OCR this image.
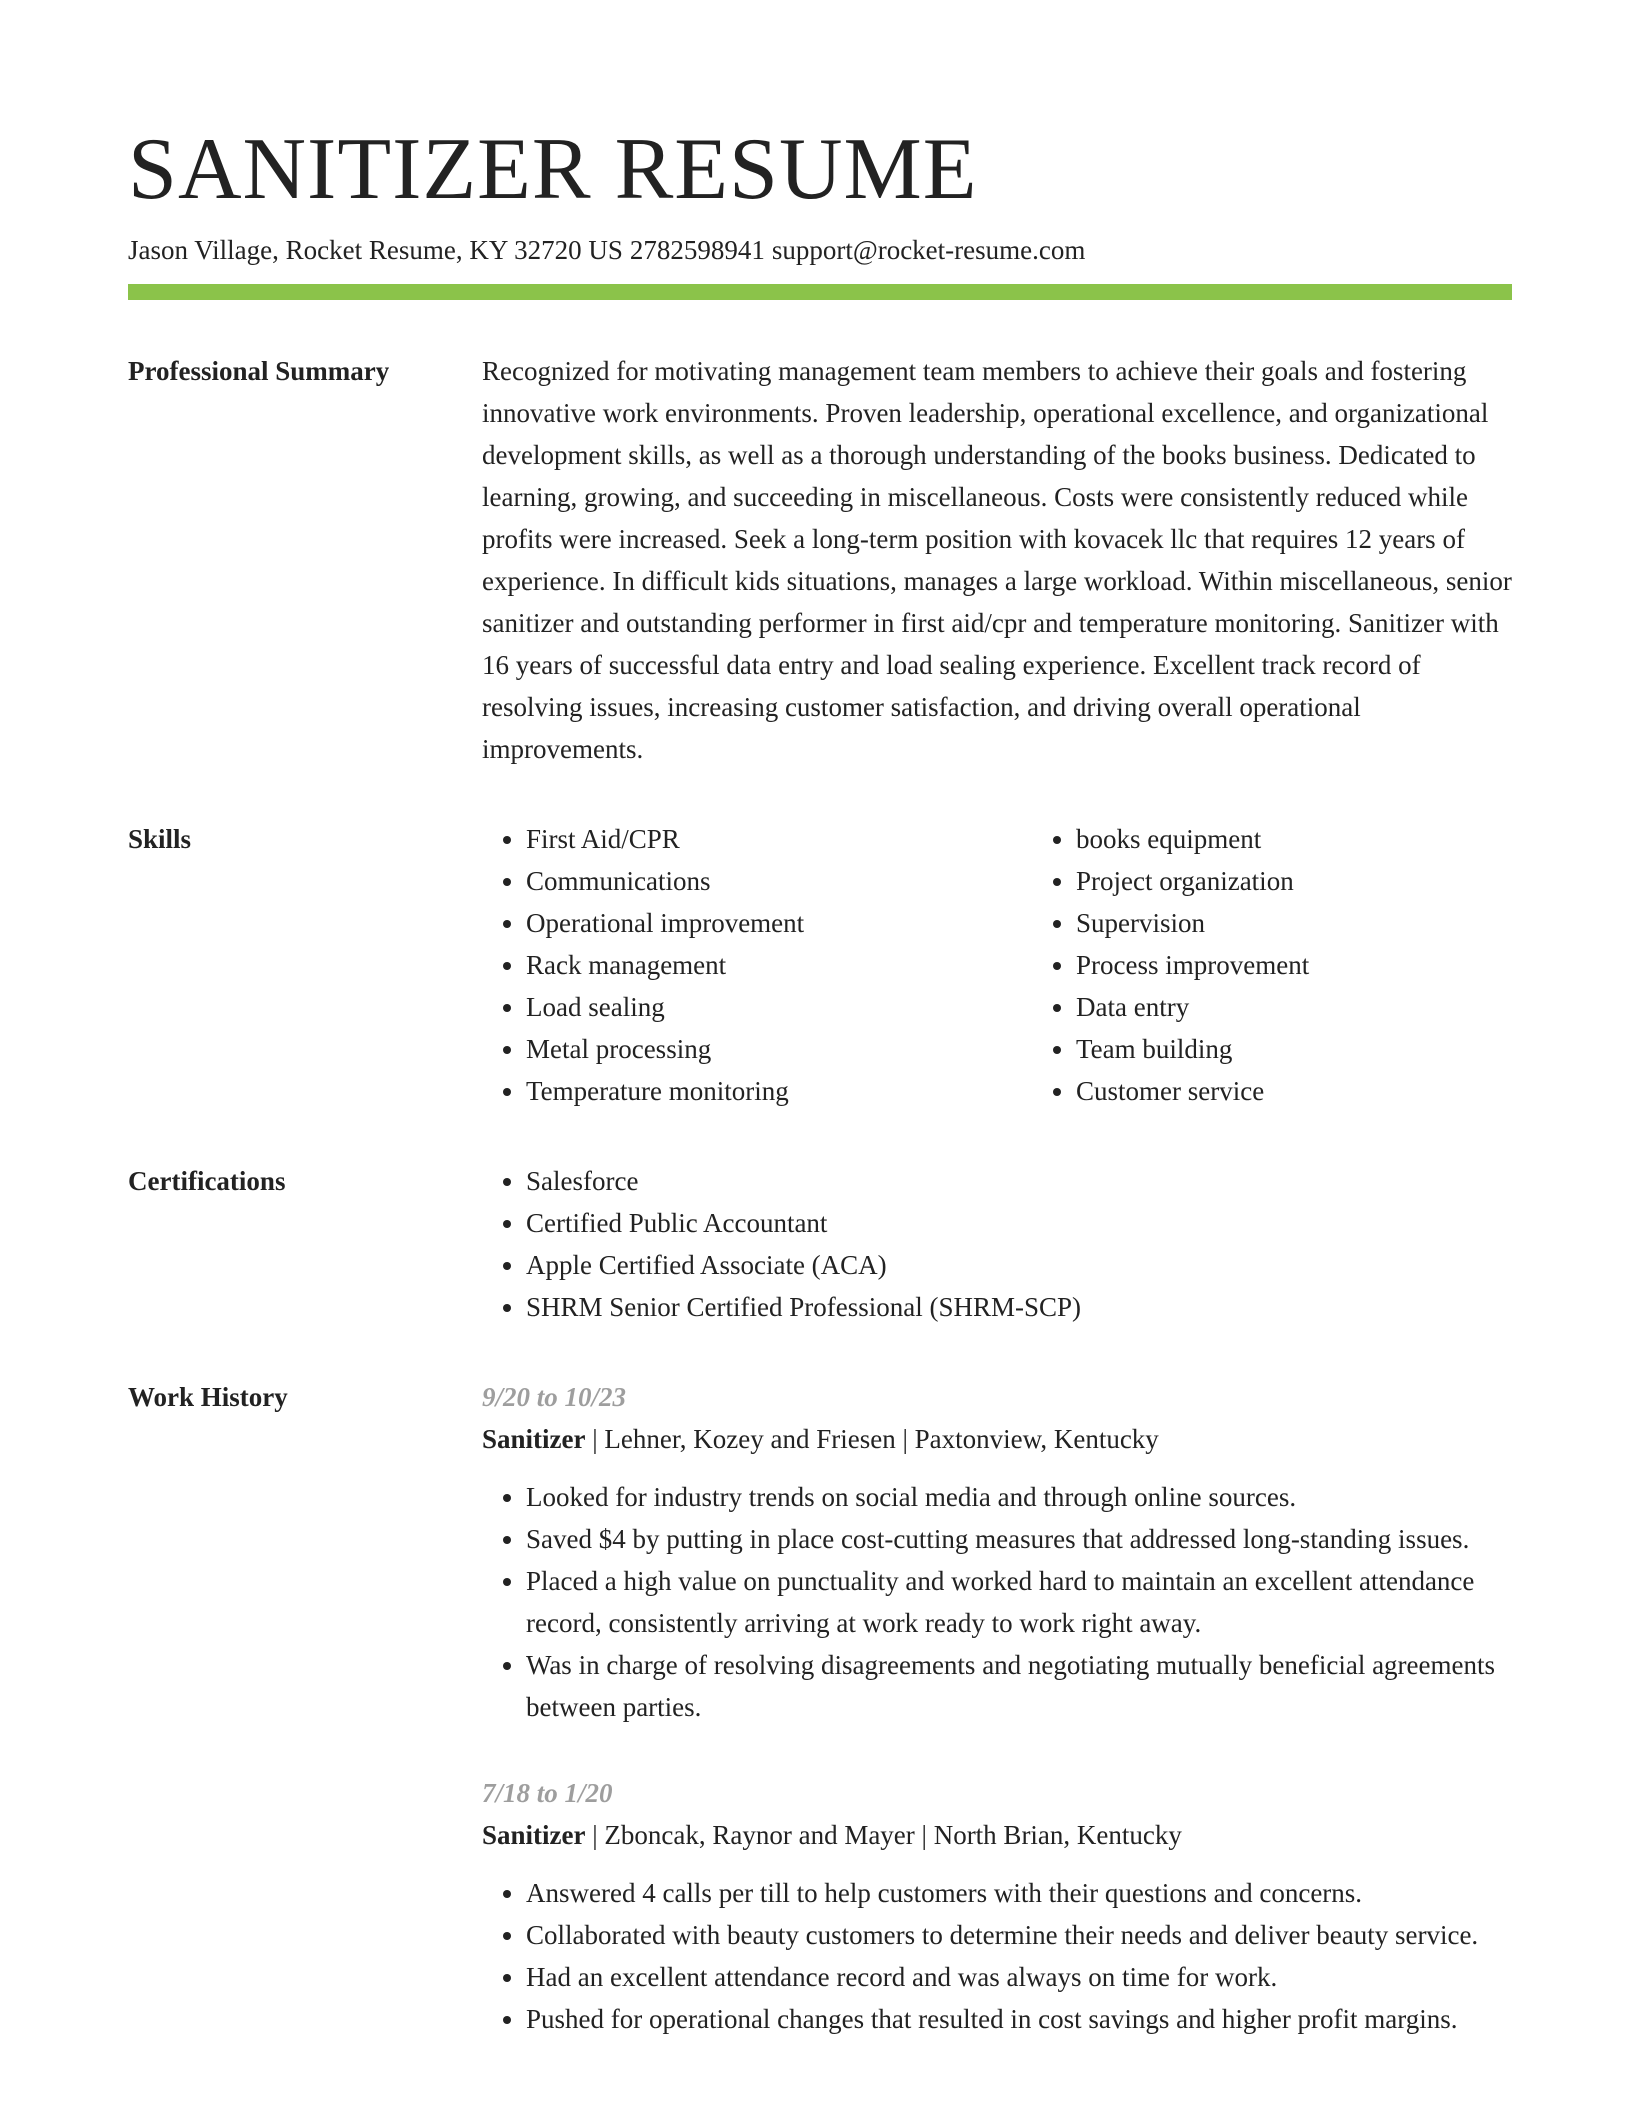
SANITIZER RESUME
Jason Village, Rocket Resume, KY 32720 US 2782598941 support@rocket-resume.com
Professional Summary	Recognized for motivating management team members to achieve their goals and fostering innovative work environments. Proven leadership, operational excellence, and organizational development skills, as well as a thorough understanding of the books business. Dedicated to learning, growing, and succeeding in miscellaneous. Costs were consistently reduced while profits were increased. Seek a long-term position with kovacek llc that requires 12 years of experience. In difficult kids situations, manages a large workload. Within miscellaneous, senior sanitizer and outstanding performer in first aid/cpr and temperature monitoring. Sanitizer with 16 years of successful data entry and load sealing experience. Excellent track record of resolving issues, increasing customer satisfaction, and driving overall operational improvements.

Skills	• First Aid/CPR
• Communications
• Operational improvement
• Rack management
• Load sealing
• Metal processing
• Temperature monitoring
• books equipment
• Project organization
• Supervision
• Process improvement
• Data entry
• Team building
• Customer service
Certifications	• Salesforce
• Certified Public Accountant
• Apple Certified Associate (ACA)
• SHRM Senior Certified Professional (SHRM-SCP)
Work History	9/20 to 10/23
Sanitizer | Lehner, Kozey and Friesen | Paxtonview, Kentucky
• Looked for industry trends on social media and through online sources.
• Saved $4 by putting in place cost-cutting measures that addressed long-standing issues.
• Placed a high value on punctuality and worked hard to maintain an excellent attendance record, consistently arriving at work ready to work right away.
• Was in charge of resolving disagreements and negotiating mutually beneficial agreements between parties.
7/18 to 1/20
Sanitizer | Zboncak, Raynor and Mayer | North Brian, Kentucky
• Answered 4 calls per till to help customers with their questions and concerns.
• Collaborated with beauty customers to determine their needs and deliver beauty service.
• Had an excellent attendance record and was always on time for work.
• Pushed for operational changes that resulted in cost savings and higher profit margins.
